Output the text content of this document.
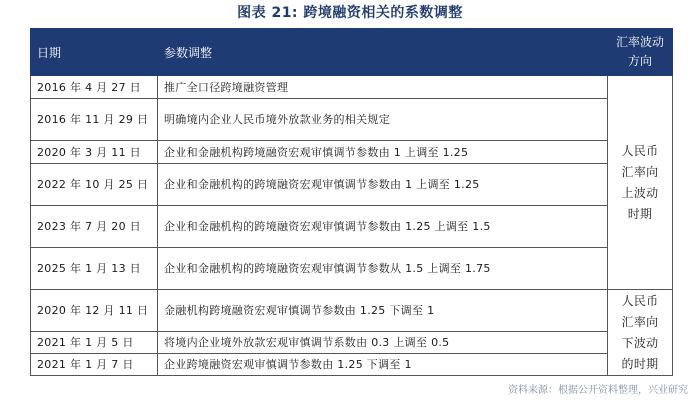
图表 21: 跨境融资相关的系数调整
日期	参数调整	汇率波动方向
2016 年 4 月 27 日	推广全口径跨境融资管理	人民币汇率向上波动时期
2016 年 11 月 29 日	明确境内企业人民币境外放款业务的相关规定	
2020 年 3 月 11 日	企业和金融机构跨境融资宏观审慎调节参数由 1 上调至 1.25	
2022 年 10 月 25 日	企业和金融机构的跨境融资宏观审慎调节参数由 1 上调至 1.25	
2023 年 7 月 20 日	企业和金融机构的跨境融资宏观审慎调节参数由 1.25 上调至 1.5	
2025 年 1 月 13 日	企业和金融机构的跨境融资宏观审慎调节参数从 1.5 上调至 1.75	
2020 年 12 月 11 日	金融机构跨境融资宏观审慎调节参数由 1.25 下调至 1	人民币汇率向下波动的时期
2021 年 1 月 5 日	将境内企业境外放款宏观审慎调节系数由 0.3 上调至 0.5	
2021 年 1 月 7 日	企业跨境融资宏观审慎调节参数由 1.25 下调至 1	
资料来源：根据公开资料整理，兴业研究
